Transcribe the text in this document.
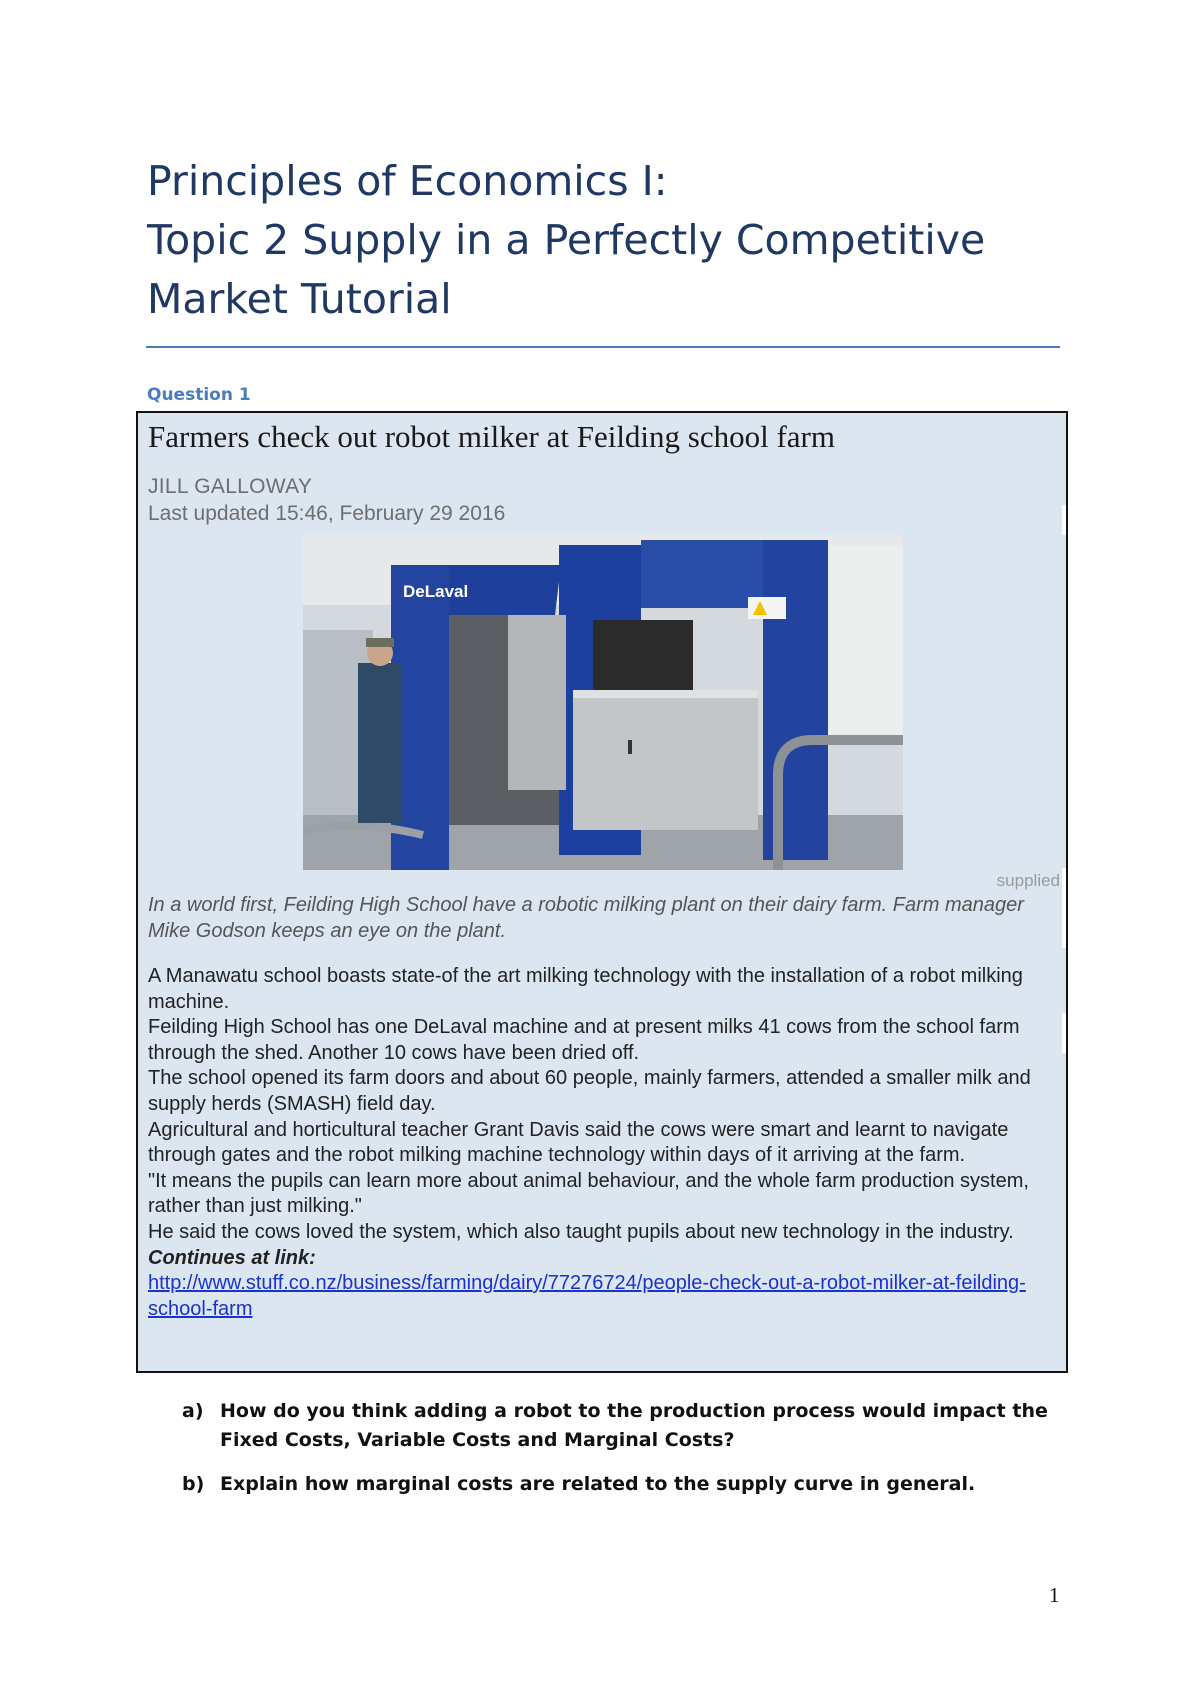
Principles of Economics I:
Topic 2 Supply in a Perfectly Competitive
Market Tutorial
Question 1
Farmers check out robot milker at Feilding school farm
JILL GALLOWAY
Last updated 15:46, February 29 2016
DeLaval
supplied
In a world first, Feilding High School have a robotic milking plant on their dairy farm. Farm manager Mike Godson keeps an eye on the plant.

A Manawatu school boasts state-of the art milking technology with the installation of a robot milking machine.

Feilding High School has one DeLaval machine and at present milks 41 cows from the school farm through the shed. Another 10 cows have been dried off.

The school opened its farm doors and about 60 people, mainly farmers, attended a smaller milk and supply herds (SMASH) field day.

Agricultural and horticultural teacher Grant Davis said the cows were smart and learnt to navigate through gates and the robot milking machine technology within days of it arriving at the farm.

"It means the pupils can learn more about animal behaviour, and the whole farm production system, rather than just milking."

He said the cows loved the system, which also taught pupils about new technology in the industry.

Continues at link:

http://www.stuff.co.nz/business/farming/dairy/77276724/people-check-out-a-robot-milker-at-feilding-school-farm

a) How do you think adding a robot to the production process would impact the Fixed Costs, Variable Costs and Marginal Costs?
b) Explain how marginal costs are related to the supply curve in general.
1
